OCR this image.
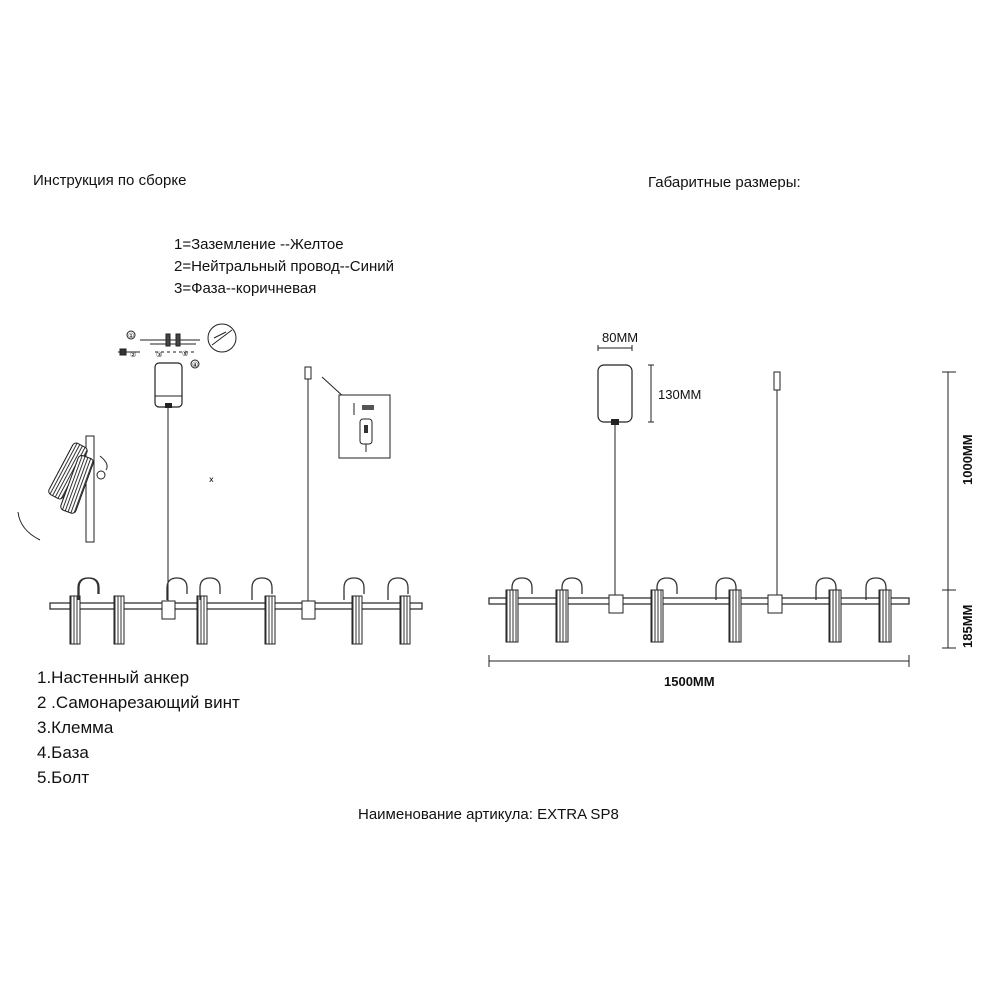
Инструкция по сборке	Габаритные размеры:
1=Заземление --Желтое
2=Нейтральный провод--Синий
3=Фаза--коричневая
1.Настенный анкер
2 .Самонарезающий винт
3.Клемма
4.База
5.Болт
Наименование артикула: EXTRA SP8
80MM
130MM
1500MM
1000MM
185MM
①
②	③
④
⑤
x
